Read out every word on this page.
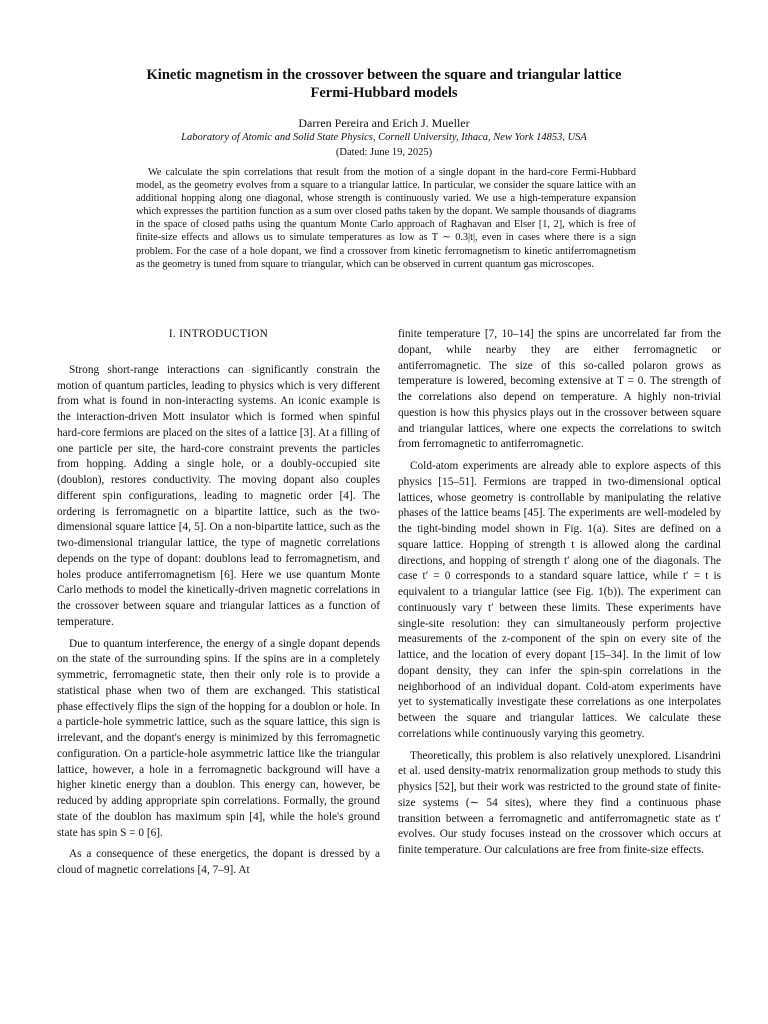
Kinetic magnetism in the crossover between the square and triangular lattice
Fermi-Hubbard models
Darren Pereira and Erich J. Mueller
Laboratory of Atomic and Solid State Physics, Cornell University, Ithaca, New York 14853, USA
(Dated: June 19, 2025)

We calculate the spin correlations that result from the motion of a single dopant in the hard-core Fermi-Hubbard model, as the geometry evolves from a square to a triangular lattice. In particular, we consider the square lattice with an additional hopping along one diagonal, whose strength is continuously varied. We use a high-temperature expansion which expresses the partition function as a sum over closed paths taken by the dopant. We sample thousands of diagrams in the space of closed paths using the quantum Monte Carlo approach of Raghavan and Elser [1, 2], which is free of finite-size effects and allows us to simulate temperatures as low as T ∼ 0.3|t|, even in cases where there is a sign problem. For the case of a hole dopant, we find a crossover from kinetic ferromagnetism to kinetic antiferromagnetism as the geometry is tuned from square to triangular, which can be observed in current quantum gas microscopes.

I. INTRODUCTION

Strong short-range interactions can significantly constrain the motion of quantum particles, leading to physics which is very different from what is found in non-interacting systems. An iconic example is the interaction-driven Mott insulator which is formed when spinful hard-core fermions are placed on the sites of a lattice [3]. At a filling of one particle per site, the hard-core constraint prevents the particles from hopping. Adding a single hole, or a doubly-occupied site (doublon), restores conductivity. The moving dopant also couples different spin configurations, leading to magnetic order [4]. The ordering is ferromagnetic on a bipartite lattice, such as the two-dimensional square lattice [4, 5]. On a non-bipartite lattice, such as the two-dimensional triangular lattice, the type of magnetic correlations depends on the type of dopant: doublons lead to ferromagnetism, and holes produce antiferromagnetism [6]. Here we use quantum Monte Carlo methods to model the kinetically-driven magnetic correlations in the crossover between square and triangular lattices as a function of temperature.

Due to quantum interference, the energy of a single dopant depends on the state of the surrounding spins. If the spins are in a completely symmetric, ferromagnetic state, then their only role is to provide a statistical phase when two of them are exchanged. This statistical phase effectively flips the sign of the hopping for a doublon or hole. In a particle-hole symmetric lattice, such as the square lattice, this sign is irrelevant, and the dopant's energy is minimized by this ferromagnetic configuration. On a particle-hole asymmetric lattice like the triangular lattice, however, a hole in a ferromagnetic background will have a higher kinetic energy than a doublon. This energy can, however, be reduced by adding appropriate spin correlations. Formally, the ground state of the doublon has maximum spin [4], while the hole's ground state has spin S = 0 [6].

As a consequence of these energetics, the dopant is dressed by a cloud of magnetic correlations [4, 7–9]. At

finite temperature [7, 10–14] the spins are uncorrelated far from the dopant, while nearby they are either ferromagnetic or antiferromagnetic. The size of this so-called polaron grows as temperature is lowered, becoming extensive at T = 0. The strength of the correlations also depend on temperature. A highly non-trivial question is how this physics plays out in the crossover between square and triangular lattices, where one expects the correlations to switch from ferromagnetic to antiferromagnetic.

Cold-atom experiments are already able to explore aspects of this physics [15–51]. Fermions are trapped in two-dimensional optical lattices, whose geometry is controllable by manipulating the relative phases of the lattice beams [45]. The experiments are well-modeled by the tight-binding model shown in Fig. 1(a). Sites are defined on a square lattice. Hopping of strength t is allowed along the cardinal directions, and hopping of strength t′ along one of the diagonals. The case t′ = 0 corresponds to a standard square lattice, while t′ = t is equivalent to a triangular lattice (see Fig. 1(b)). The experiment can continuously vary t′ between these limits. These experiments have single-site resolution: they can simultaneously perform projective measurements of the z-component of the spin on every site of the lattice, and the location of every dopant [15–34]. In the limit of low dopant density, they can infer the spin-spin correlations in the neighborhood of an individual dopant. Cold-atom experiments have yet to systematically investigate these correlations as one interpolates between the square and triangular lattices. We calculate these correlations while continuously varying this geometry.

Theoretically, this problem is also relatively unexplored. Lisandrini et al. used density-matrix renormalization group methods to study this physics [52], but their work was restricted to the ground state of finite-size systems (∼ 54 sites), where they find a continuous phase transition between a ferromagnetic and antiferromagnetic state as t′ evolves. Our study focuses instead on the crossover which occurs at finite temperature. Our calculations are free from finite-size effects.
